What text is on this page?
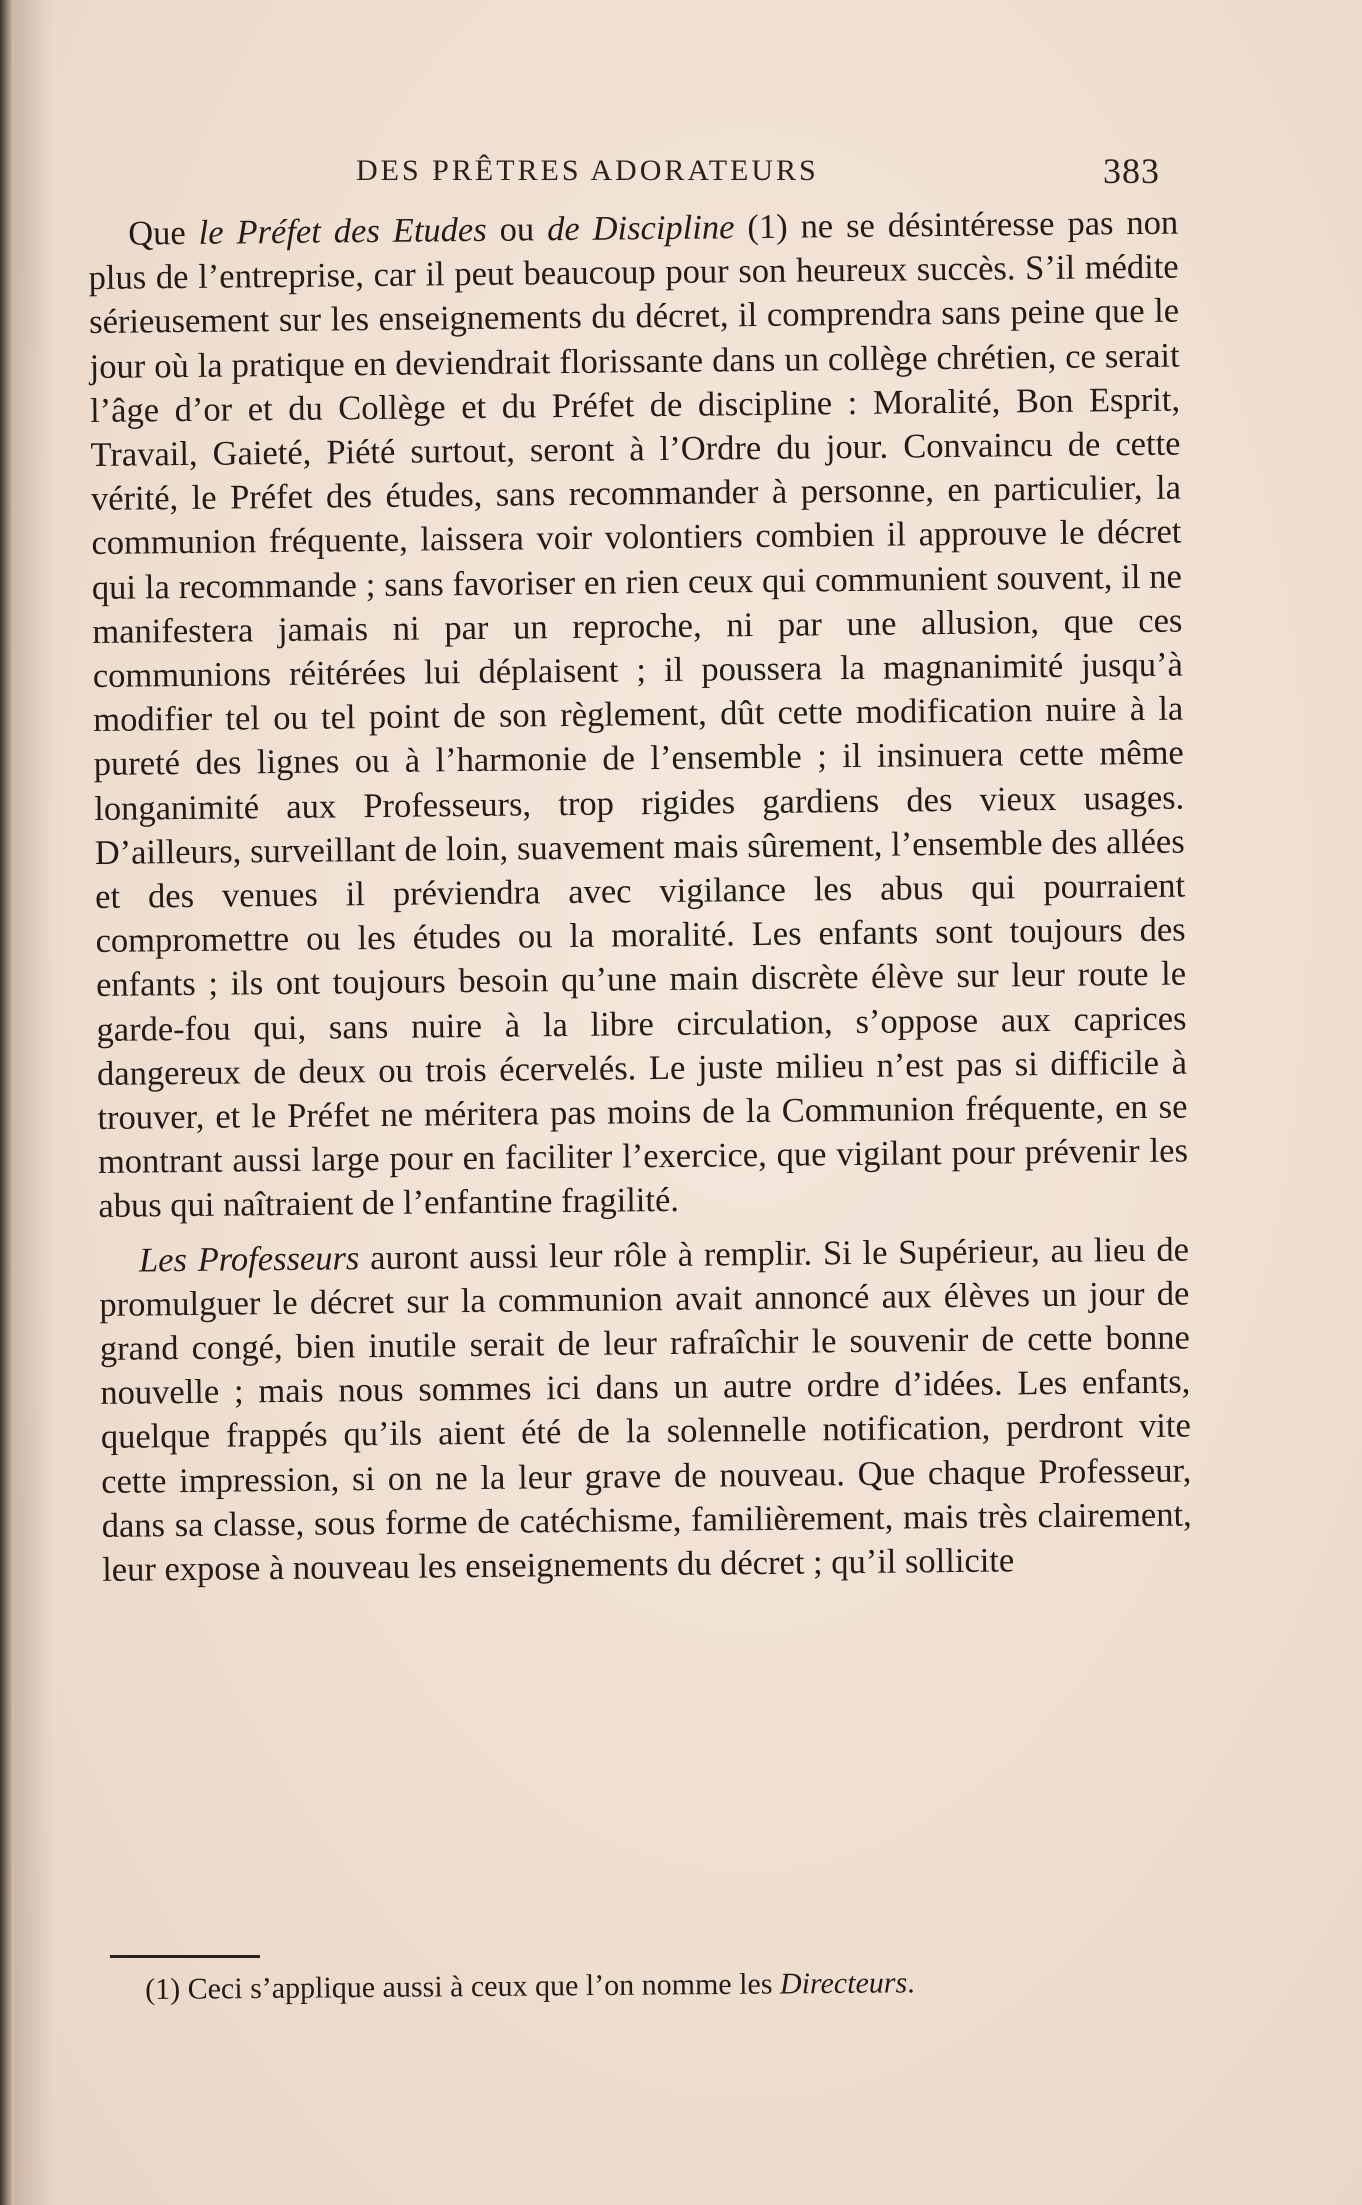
DES PRÊTRES ADORATEURS	383

Que le Préfet des Etudes ou de Discipline (1) ne se désintéresse pas non plus de l’entreprise, car il peut beaucoup pour son heureux succès. S’il médite sérieusement sur les enseignements du décret, il comprendra sans peine que le jour où la pratique en deviendrait florissante dans un collège chrétien, ce serait l’âge d’or et du Collège et du Préfet de discipline : Moralité, Bon Esprit, Travail, Gaieté, Piété surtout, seront à l’Ordre du jour. Convaincu de cette vérité, le Préfet des études, sans recommander à personne, en particulier, la communion fréquente, laissera voir volontiers combien il approuve le décret qui la recommande ; sans favoriser en rien ceux qui communient souvent, il ne manifestera jamais ni par un reproche, ni par une allusion, que ces communions réitérées lui déplaisent ; il poussera la magnanimité jusqu’à modifier tel ou tel point de son règlement, dût cette modification nuire à la pureté des lignes ou à l’harmonie de l’ensemble ; il insinuera cette même longanimité aux Professeurs, trop rigides gardiens des vieux usages. D’ailleurs, surveillant de loin, suavement mais sûrement, l’ensemble des allées et des venues il préviendra avec vigilance les abus qui pourraient compromettre ou les études ou la moralité. Les enfants sont toujours des enfants ; ils ont toujours besoin qu’une main discrète élève sur leur route le garde-fou qui, sans nuire à la libre circulation, s’oppose aux caprices dangereux de deux ou trois écervelés. Le juste milieu n’est pas si difficile à trouver, et le Préfet ne méritera pas moins de la Communion fréquente, en se montrant aussi large pour en faciliter l’exercice, que vigilant pour prévenir les abus qui naîtraient de l’enfantine fragilité.

Les Professeurs auront aussi leur rôle à remplir. Si le Supérieur, au lieu de promulguer le décret sur la communion avait annoncé aux élèves un jour de grand congé, bien inutile serait de leur rafraîchir le souvenir de cette bonne nouvelle ; mais nous sommes ici dans un autre ordre d’idées. Les enfants, quelque frappés qu’ils aient été de la solennelle notification, perdront vite cette impression, si on ne la leur grave de nouveau. Que chaque Professeur, dans sa classe, sous forme de catéchisme, familièrement, mais très clairement, leur expose à nouveau les enseignements du décret ; qu’il sollicite

(1) Ceci s’applique aussi à ceux que l’on nomme les Directeurs.
